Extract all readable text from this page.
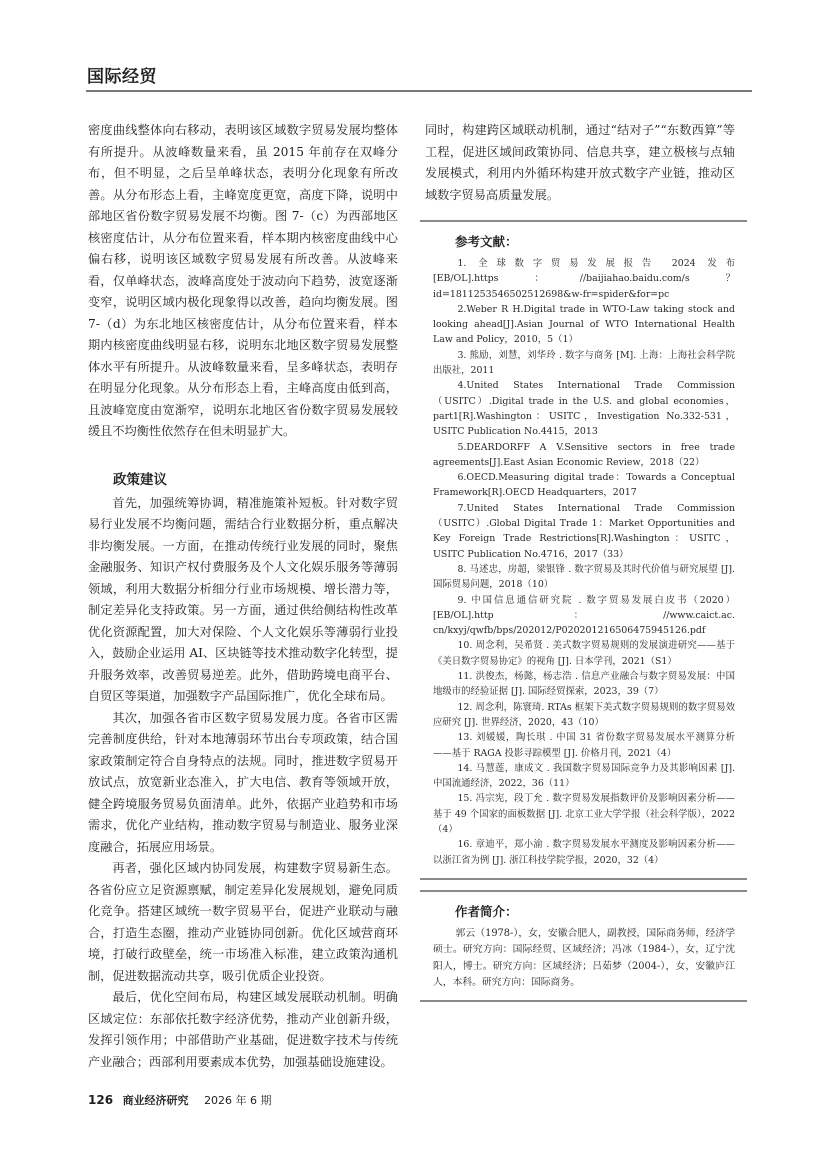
国际经贸

密度曲线整体向右移动，表明该区域数字贸易发展均整体有所提升。从波峰数量来看，虽 2015 年前存在双峰分布，但不明显，之后呈单峰状态，表明分化现象有所改善。从分布形态上看，主峰宽度更宽，高度下降，说明中部地区省份数字贸易发展不均衡。图 7-（c）为西部地区核密度估计，从分布位置来看，样本期内核密度曲线中心偏右移，说明该区域数字贸易发展有所改善。从波峰来看，仅单峰状态，波峰高度处于波动向下趋势，波宽逐渐变窄，说明区域内极化现象得以改善，趋向均衡发展。图 7-（d）为东北地区核密度估计，从分布位置来看，样本期内核密度曲线明显右移，说明东北地区数字贸易发展整体水平有所提升。从波峰数量来看，呈多峰状态，表明存在明显分化现象。从分布形态上看，主峰高度由低到高，且波峰宽度由宽渐窄，说明东北地区省份数字贸易发展较缓且不均衡性依然存在但未明显扩大。

政策建议

首先，加强统筹协调，精准施策补短板。针对数字贸易行业发展不均衡问题，需结合行业数据分析，重点解决非均衡发展。一方面，在推动传统行业发展的同时，聚焦金融服务、知识产权付费服务及个人文化娱乐服务等薄弱领域，利用大数据分析细分行业市场规模、增长潜力等，制定差异化支持政策。另一方面，通过供给侧结构性改革优化资源配置，加大对保险、个人文化娱乐等薄弱行业投入，鼓励企业运用 AI、区块链等技术推动数字化转型，提升服务效率，改善贸易逆差。此外，借助跨境电商平台、自贸区等渠道，加强数字产品国际推广，优化全球布局。

其次，加强各省市区数字贸易发展力度。各省市区需完善制度供给，针对本地薄弱环节出台专项政策，结合国家政策制定符合自身特点的法规。同时，推进数字贸易开放试点，放宽新业态准入，扩大电信、教育等领域开放，健全跨境服务贸易负面清单。此外，依据产业趋势和市场需求，优化产业结构，推动数字贸易与制造业、服务业深度融合，拓展应用场景。

再者，强化区域内协同发展，构建数字贸易新生态。各省份应立足资源禀赋，制定差异化发展规划，避免同质化竞争。搭建区域统一数字贸易平台，促进产业联动与融合，打造生态圈，推动产业链协同创新。优化区域营商环境，打破行政壁垒，统一市场准入标准，建立政策沟通机制，促进数据流动共享，吸引优质企业投资。

最后，优化空间布局，构建区域发展联动机制。明确区域定位：东部依托数字经济优势，推动产业创新升级，发挥引领作用；中部借助产业基础，促进数字技术与传统产业融合；西部利用要素成本优势，加强基础设施建设。

同时，构建跨区域联动机制，通过“结对子”“东数西算”等工程，促进区域间政策协同、信息共享，建立极核与点轴发展模式，利用内外循环构建开放式数字产业链，推动区域数字贸易高质量发展。

参考文献：

1. 全球数字贸易发展报告 2024 发布 [EB/OL].https：//baijiahao.baidu.com/s？ id=1811253546502512698&w-fr=spider&for=pc

2.Weber R H.Digital trade in WTO-Law taking stock and looking ahead[J].Asian Journal of WTO International Health Law and Policy，2010，5（1）

3. 熊励，刘慧，刘华玲 . 数字与商务 [M]. 上海：上海社会科学院出版社，2011

4.United States International Trade Commission（USITC）.Digital trade in the U.S. and global economies，part1[R].Washington：USITC，Investigation No.332-531，USITC Publication No.4415，2013

5.DEARDORFF A V.Sensitive sectors in free trade agreements[J].East Asian Economic Review，2018（22）

6.OECD.Measuring digital trade：Towards a Conceptual Framework[R].OECD Headquarters，2017

7.United States International Trade Commission（USITC）.Global Digital Trade 1：Market Opportunities and Key Foreign Trade Restrictions[R].Washington：USITC， USITC Publication No.4716，2017（33）

8. 马述忠，房超，梁银锋 . 数字贸易及其时代价值与研究展望 [J]. 国际贸易问题，2018（10）

9. 中国信息通信研究院 . 数字贸易发展白皮书（2020）[EB/OL].http：//www.caict.ac. cn/kxyj/qwfb/bps/202012/P020201216506475945126.pdf

10. 周念利，吴希贤 . 美式数字贸易规则的发展演进研究——基于《美日数字贸易协定》的视角 [J]. 日本学刊，2021（S1）

11. 洪俊杰，杨懿，杨志浩 . 信息产业融合与数字贸易发展：中国地级市的经验证据 [J]. 国际经贸探索，2023，39（7）

12. 周念利，陈寰琦. RTAs 框架下美式数字贸易规则的数字贸易效应研究 [J]. 世界经济，2020，43（10）

13. 刘媛媛，陶长琪 . 中国 31 省份数字贸易发展水平测算分析——基于 RAGA 投影寻踪模型 [J]. 价格月刊，2021（4）

14. 马慧莲，康成文 . 我国数字贸易国际竞争力及其影响因素 [J]. 中国流通经济，2022，36（11）

15. 冯宗宪，段丁允 . 数字贸易发展指数评价及影响因素分析——基于 49 个国家的面板数据 [J]. 北京工业大学学报（社会科学版），2022（4）

16. 章迪平，郑小渝 . 数字贸易发展水平测度及影响因素分析——以浙江省为例 [J]. 浙江科技学院学报，2020，32（4）

作者简介：

郭云（1978-），女，安徽合肥人，副教授，国际商务师，经济学硕士。研究方向：国际经贸、区域经济；冯冰（1984-），女，辽宁沈阳人，博士。研究方向：区域经济；吕茹梦（2004-），女，安徽庐江人，本科。研究方向：国际商务。

126 商业经济研究 2026 年 6 期
